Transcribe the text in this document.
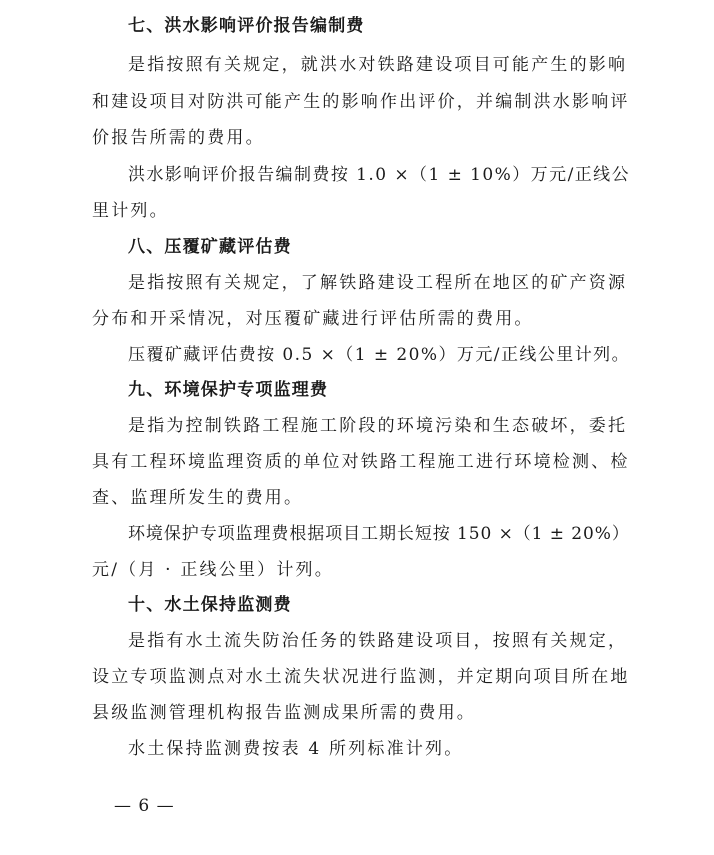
七、洪水影响评价报告编制费
是指按照有关规定，就洪水对铁路建设项目可能产生的影响
和建设项目对防洪可能产生的影响作出评价，并编制洪水影响评
价报告所需的费用。
洪水影响评价报告编制费按 1.0 ×（1 ± 10%）万元/正线公
里计列。
八、压覆矿藏评估费
是指按照有关规定，了解铁路建设工程所在地区的矿产资源
分布和开采情况，对压覆矿藏进行评估所需的费用。
压覆矿藏评估费按 0.5 ×（1 ± 20%）万元/正线公里计列。
九、环境保护专项监理费
是指为控制铁路工程施工阶段的环境污染和生态破坏，委托
具有工程环境监理资质的单位对铁路工程施工进行环境检测、检
查、监理所发生的费用。
环境保护专项监理费根据项目工期长短按 150 ×（1 ± 20%）
元/（月 · 正线公里）计列。
十、水土保持监测费
是指有水土流失防治任务的铁路建设项目，按照有关规定，
设立专项监测点对水土流失状况进行监测，并定期向项目所在地
县级监测管理机构报告监测成果所需的费用。
水土保持监测费按表 4 所列标准计列。
— 6 —
